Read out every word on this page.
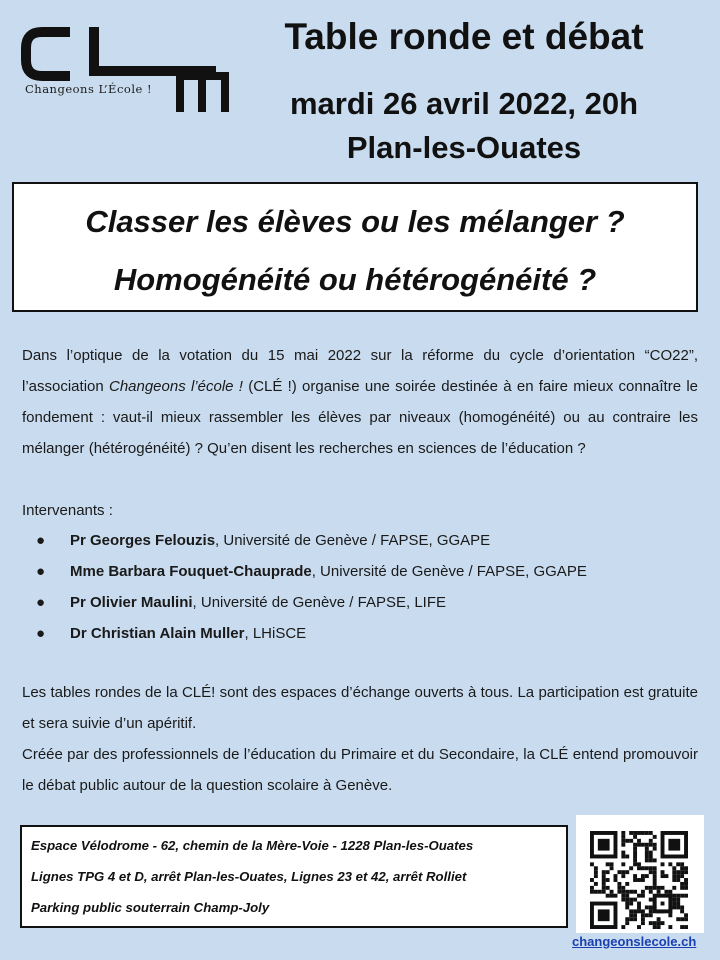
Changeons L’École !
Table ronde et débat
mardi 26 avril 2022, 20h
Plan-les-Ouates
Classer les élèves ou les mélanger ?
Homogénéité ou hétérogénéité ?

Dans l’optique de la votation du 15 mai 2022 sur la réforme du cycle d’orientation “CO22”, l’association Changeons l’école ! (CLÉ !) organise une soirée destinée à en faire mieux connaître le fondement : vaut-il mieux rassembler les élèves par niveaux (homogénéité) ou au contraire les mélanger (hétérogénéité) ? Qu’en disent les recherches en sciences de l’éducation ?

Intervenants :

● Pr Georges Felouzis, Université de Genève / FAPSE, GGAPE
● Mme Barbara Fouquet-Chauprade, Université de Genève / FAPSE, GGAPE
● Pr Olivier Maulini, Université de Genève / FAPSE, LIFE
● Dr Christian Alain Muller, LHiSCE

Les tables rondes de la CLÉ! sont des espaces d’échange ouverts à tous. La participation est gratuite et sera suivie d’un apéritif.

Créée par des professionnels de l’éducation du Primaire et du Secondaire, la CLÉ entend promouvoir le débat public autour de la question scolaire à Genève.

Espace Vélodrome - 62, chemin de la Mère-Voie - 1228 Plan-les-Ouates
Lignes TPG 4 et D, arrêt Plan-les-Ouates, Lignes 23 et 42, arrêt Rolliet
Parking public souterrain Champ-Joly
changeonslecole.ch
